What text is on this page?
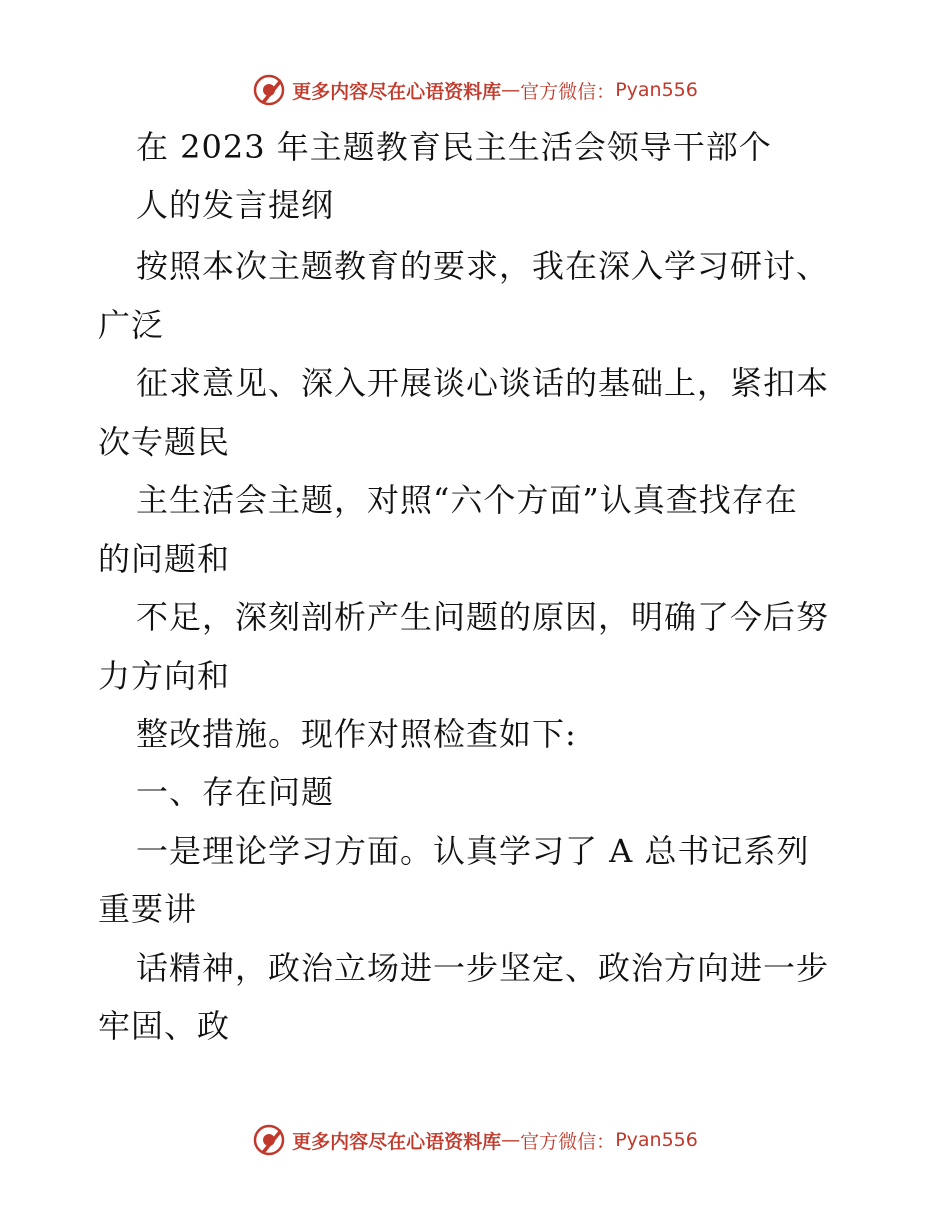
更多内容尽在心语资料库 — 官方微信： Pyan556
在 2023 年主题教育民主生活会领导干部个
人的发言提纲
按照本次主题教育的要求，我在深入学习研讨、
广泛
征求意见、深入开展谈心谈话的基础上，紧扣本
次专题民
主生活会主题，对照“六个方面”认真查找存在
的问题和
不足，深刻剖析产生问题的原因，明确了今后努
力方向和
整改措施。现作对照检查如下:
一、存在问题
一是理论学习方面。认真学习了 A 总书记系列
重要讲
话精神，政治立场进一步坚定、政治方向进一步
牢固、政
更多内容尽在心语资料库 — 官方微信： Pyan556
